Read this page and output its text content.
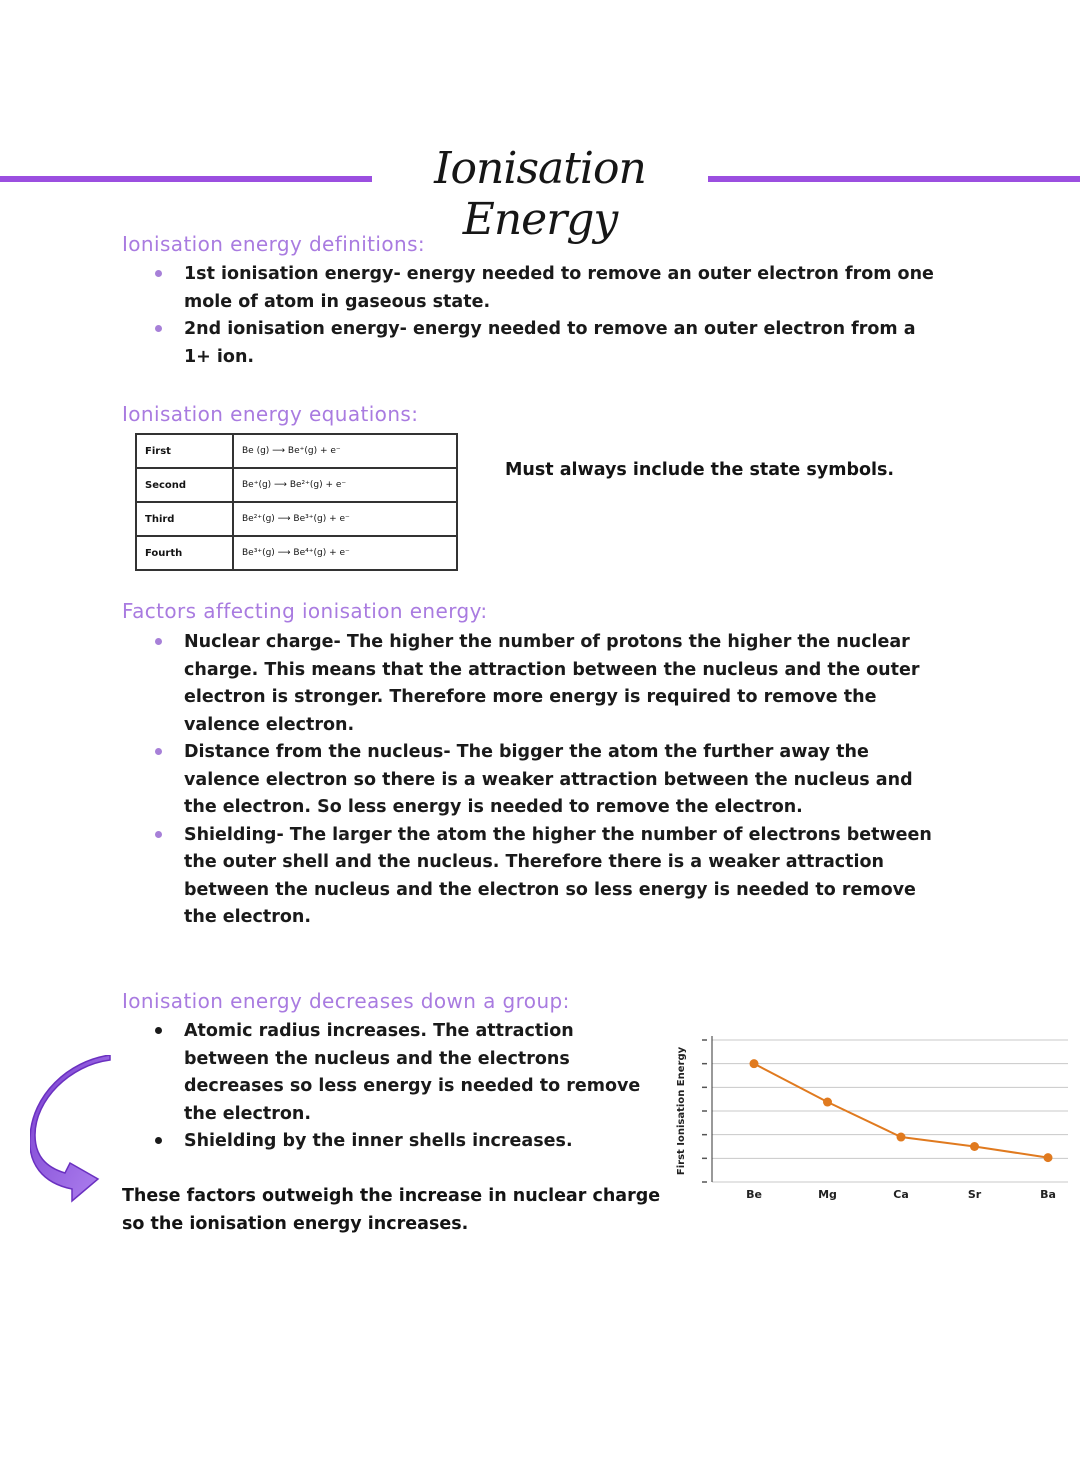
Ionisation Energy
Ionisation energy definitions:
1st ionisation energy- energy needed to remove an outer electron from one mole of atom in gaseous state.
2nd ionisation energy- energy needed to remove an outer electron from a 1+ ion.
Ionisation energy equations:
First	Be (g) ⟶ Be⁺(g) + e⁻
Second	Be⁺(g) ⟶ Be²⁺(g) + e⁻
Third	Be²⁺(g) ⟶ Be³⁺(g) + e⁻
Fourth	Be³⁺(g) ⟶ Be⁴⁺(g) + e⁻
Must always include the state symbols.
Factors affecting ionisation energy:
Nuclear charge- The higher the number of protons the higher the nuclear charge. This means that the attraction between the nucleus and the outer electron is stronger. Therefore more energy is required to remove the valence electron.
Distance from the nucleus- The bigger the atom the further away the valence electron so there is a weaker attraction between the nucleus and the electron. So less energy is needed to remove the electron.
Shielding- The larger the atom the higher the number of electrons between the outer shell and the nucleus. Therefore there is a weaker attraction between the nucleus and the electron so less energy is needed to remove the electron.
Ionisation energy decreases down a group:
Atomic radius increases. The attraction between the nucleus and the electrons decreases so less energy is needed to remove the electron.
Shielding by the inner shells increases.
These factors outweigh the increase in nuclear charge so the ionisation energy increases.
First Ionisation Energy
Be	Mg	Ca	Sr	Ba
